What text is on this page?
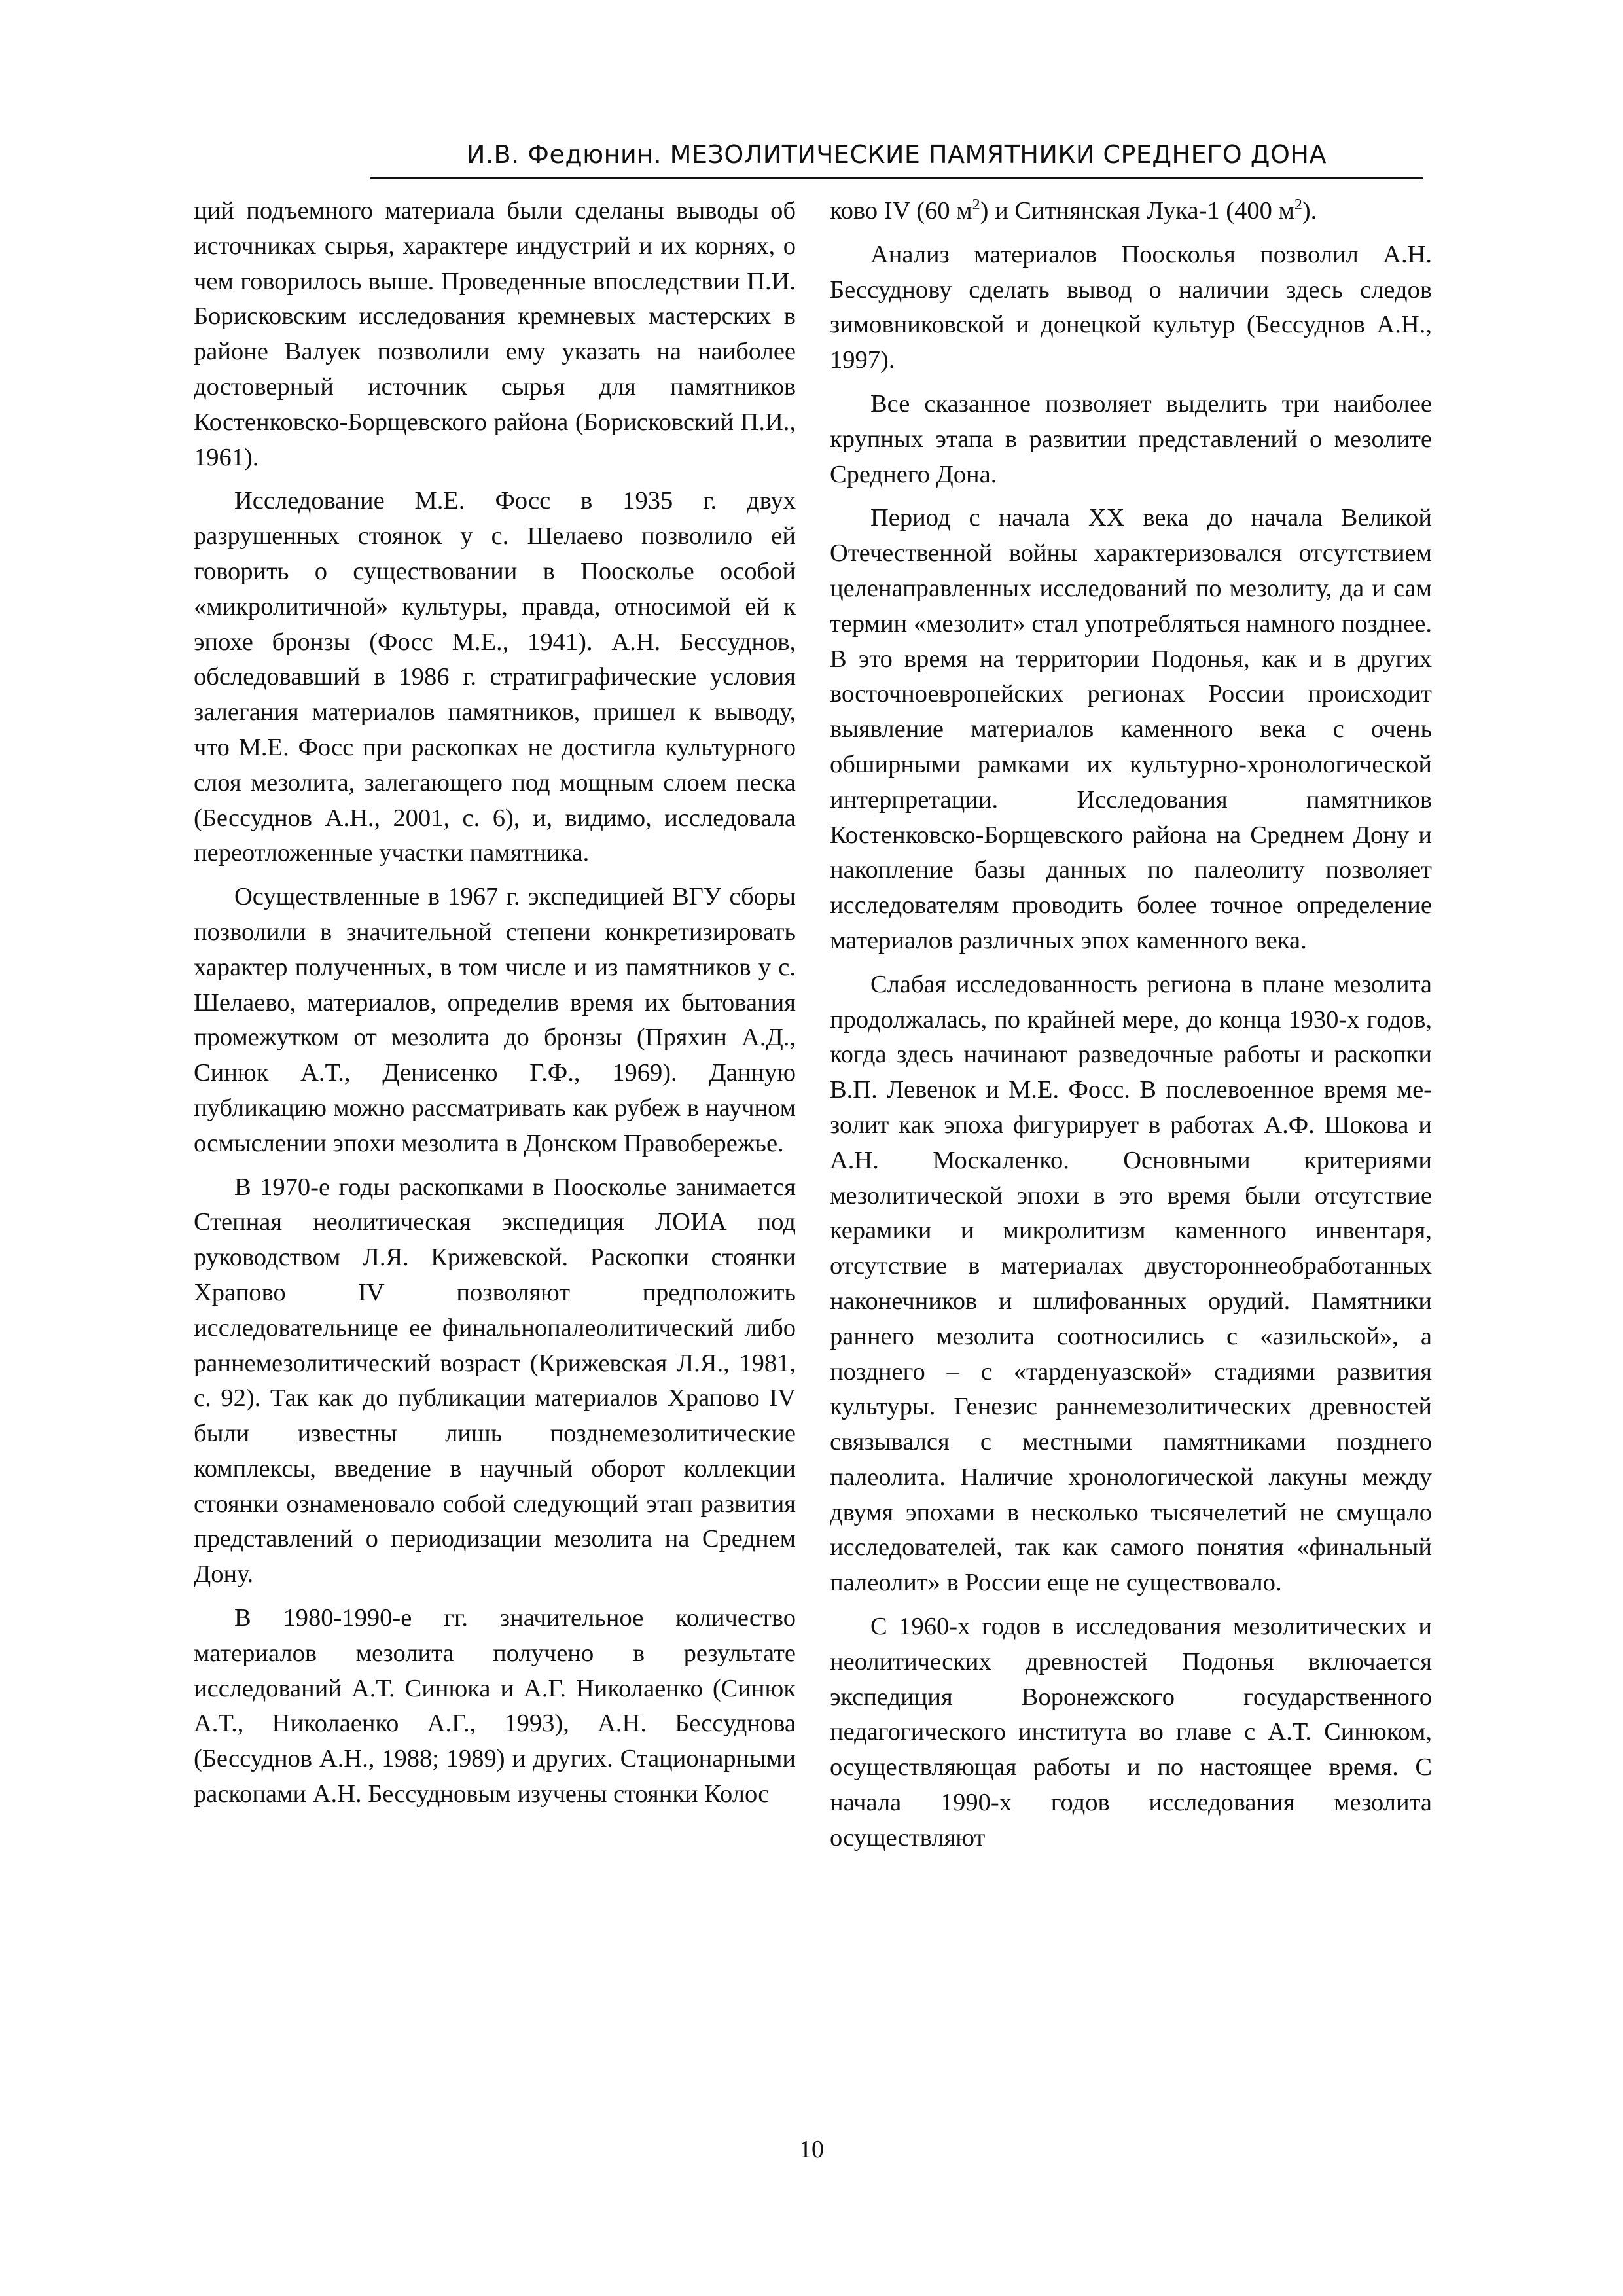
И.В. Федюнин. МЕЗОЛИТИЧЕСКИЕ ПАМЯТНИКИ СРЕДНЕГО ДОНА

ций подъемного материала были сделаны выводы об источниках сырья, характере индустрий и их корнях, о чем говорилось выше. Проведенные впоследствии П.И. Борисковским исследования кремневых мастерских в районе Валуек позволили ему указать на наиболее достоверный источник сырья для памятников Костенковско-Борщевского района (Борисковский П.И., 1961).

Исследование М.Е. Фосс в 1935 г. двух разрушенных стоянок у с. Шелаево позволило ей говорить о существовании в Поосколье особой «микролитичной» культуры, правда, относимой ей к эпохе бронзы (Фосс М.Е., 1941). А.Н. Бессуднов, обследовавший в 1986 г. стратиграфические условия залегания материалов памятников, пришел к выводу, что М.Е. Фосс при раскопках не достигла культурного слоя мезолита, залегающего под мощным слоем песка (Бессуднов А.Н., 2001, с. 6), и, видимо, исследовала переотложенные участки памятника.

Осуществленные в 1967 г. экспедицией ВГУ сборы позволили в значительной степени конкретизировать характер полученных, в том числе и из памятников у с. Шелаево, материалов, определив время их бытования промежутком от мезолита до бронзы (Пряхин А.Д., Синюк А.Т., Денисенко Г.Ф., 1969). Данную публикацию можно рассматривать как рубеж в научном осмыслении эпохи мезолита в Донском Правобережье.

В 1970-е годы раскопками в Поосколье занимается Степная неолитическая экспедиция ЛОИА под руководством Л.Я. Крижевской. Раскопки стоянки Храпово IV позволяют предположить исследовательнице ее финальнопалеолитический либо раннемезолитический возраст (Крижевская Л.Я., 1981, с. 92). Так как до публикации материалов Храпово IV были известны лишь позднемезолитические комплексы, введение в научный оборот коллекции стоянки ознаменовало собой следующий этап развития представлений о периодизации мезолита на Среднем Дону.

В 1980-1990-е гг. значительное количество материалов мезолита получено в результате исследований А.Т. Синюка и А.Г. Николаенко (Синюк А.Т., Николаенко А.Г., 1993), А.Н. Бессуднова (Бессуднов А.Н., 1988; 1989) и других. Стационарными раскопами А.Н. Бессудновым изучены стоянки Колос

ково IV (60 $м^2$) и Ситнянская Лука-1 (400 $м^2$).

Анализ материалов Поосколья позволил А.Н. Бессуднову сделать вывод о наличии здесь следов зимовниковской и донецкой культур (Бессуднов А.Н., 1997).

Все сказанное позволяет выделить три наиболее крупных этапа в развитии представлений о мезолите Среднего Дона.

Период с начала XX века до начала Великой Отечественной войны характеризовался отсутствием целенаправленных исследований по мезолиту, да и сам термин «мезолит» стал употребляться намного позднее. В это время на территории Подонья, как и в других восточноевропейских регионах России происходит выявление материалов каменного века с очень обширными рамками их культурно-хронологической интерпретации. Исследования памятников Костенковско-Борщевского района на Среднем Дону и накопление базы данных по палеолиту позволяет исследователям проводить более точное определение материалов различных эпох каменного века.

Слабая исследованность региона в плане мезолита продолжалась, по крайней мере, до конца 1930-х годов, когда здесь начинают разведочные работы и раскопки В.П. Левенок и М.Е. Фосс. В послевоенное время мезолит как эпоха фигурирует в работах А.Ф. Шокова и А.Н. Москаленко. Основными критериями мезолитической эпохи в это время были отсутствие керамики и микролитизм каменного инвентаря, отсутствие в материалах двустороннеобработанных наконечников и шлифованных орудий. Памятники раннего мезолита соотносились с «азильской», а позднего – с «тарденуазской» стадиями развития культуры. Генезис раннемезолитических древностей связывался с местными памятниками позднего палеолита. Наличие хронологической лакуны между двумя эпохами в несколько тысячелетий не смущало исследователей, так как самого понятия «финальный палеолит» в России еще не существовало.

С 1960-х годов в исследования мезолитических и неолитических древностей Подонья включается экспедиция Воронежского государственного педагогического института во главе с А.Т. Синюком, осуществляющая работы и по настоящее время. С начала 1990-х годов исследования мезолита осуществляют

10
